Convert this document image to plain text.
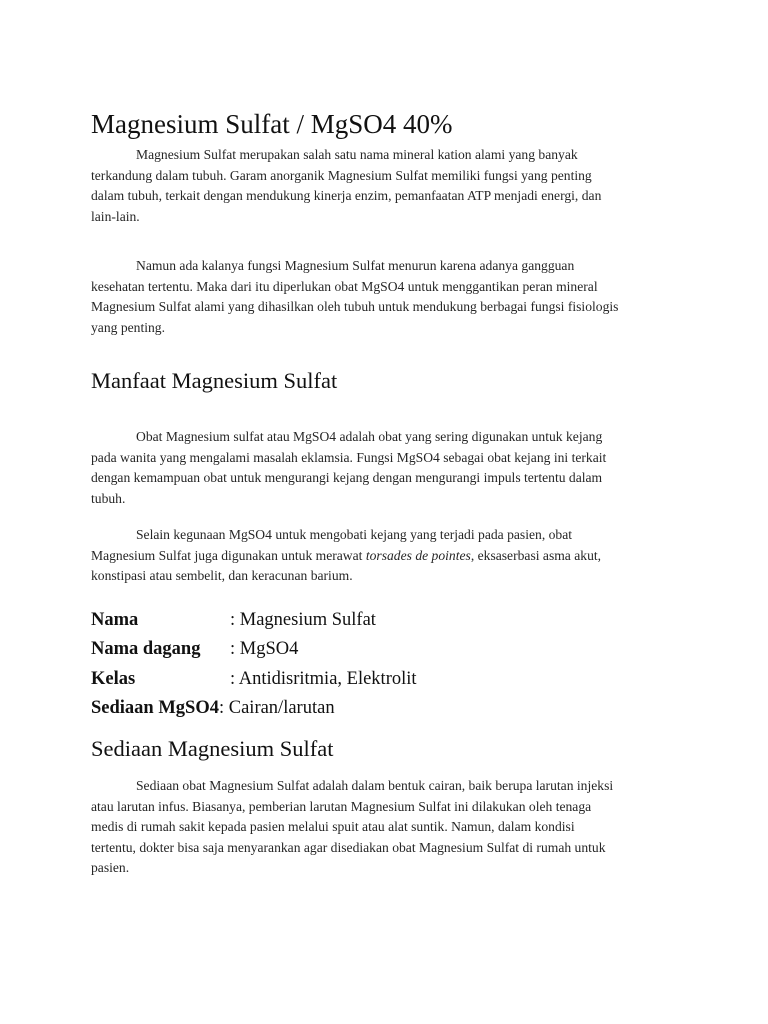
Magnesium Sulfat / MgSO4 40%

Magnesium Sulfat merupakan salah satu nama mineral kation alami yang banyak
terkandung dalam tubuh. Garam anorganik Magnesium Sulfat memiliki fungsi yang penting
dalam tubuh, terkait dengan mendukung kinerja enzim, pemanfaatan ATP menjadi energi, dan
lain-lain.

Namun ada kalanya fungsi Magnesium Sulfat menurun karena adanya gangguan
kesehatan tertentu. Maka dari itu diperlukan obat MgSO4 untuk menggantikan peran mineral
Magnesium Sulfat alami yang dihasilkan oleh tubuh untuk mendukung berbagai fungsi fisiologis
yang penting.

Manfaat Magnesium Sulfat

Obat Magnesium sulfat atau MgSO4 adalah obat yang sering digunakan untuk kejang
pada wanita yang mengalami masalah eklamsia. Fungsi MgSO4 sebagai obat kejang ini terkait
dengan kemampuan obat untuk mengurangi kejang dengan mengurangi impuls tertentu dalam
tubuh.

Selain kegunaan MgSO4 untuk mengobati kejang yang terjadi pada pasien, obat
Magnesium Sulfat juga digunakan untuk merawat torsades de pointes, eksaserbasi asma akut,
konstipasi atau sembelit, dan keracunan barium.

Nama	: Magnesium Sulfat
Nama dagang	: MgSO4
Kelas	: Antidisritmia, Elektrolit
Sediaan MgSO4 : Cairan/larutan
Sediaan Magnesium Sulfat

Sediaan obat Magnesium Sulfat adalah dalam bentuk cairan, baik berupa larutan injeksi
atau larutan infus. Biasanya, pemberian larutan Magnesium Sulfat ini dilakukan oleh tenaga
medis di rumah sakit kepada pasien melalui spuit atau alat suntik. Namun, dalam kondisi
tertentu, dokter bisa saja menyarankan agar disediakan obat Magnesium Sulfat di rumah untuk
pasien.
